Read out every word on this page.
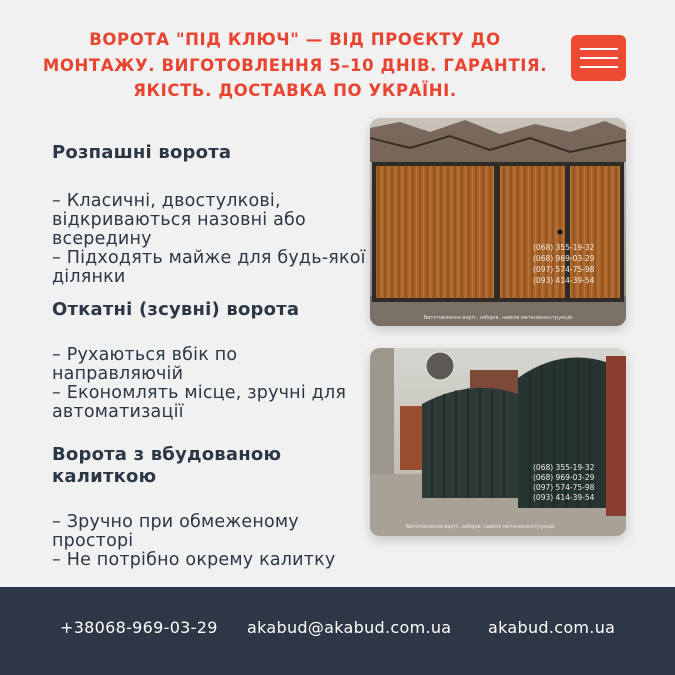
ВОРОТА "ПІД КЛЮЧ" — ВІД ПРОЄКТУ ДО МОНТАЖУ. ВИГОТОВЛЕННЯ 5–10 ДНІВ. ГАРАНТІЯ. ЯКІСТЬ. ДОСТАВКА ПО УКРАЇНІ.

Розпашні ворота

– Класичні, двостулкові, відкриваються назовні або всередину
– Підходять майже для будь-якої ділянки

Откатні (зсувні) ворота

– Рухаються вбік по направляючій
– Економлять місце, зручні для автоматизації

Ворота з вбудованою калиткою

– Зручно при обмеженому просторі
– Не потрібно окрему калитку

(068) 355-19-32
(068) 969-03-29
(097) 574-75-98
(093) 414-39-54
Виготовлення воріт, заборів, навісів металоконструкцій
(068) 355-19-32
(068) 969-03-29
(097) 574-75-98
(093) 414-39-54
Виготовлення воріт, заборів, навісів металоконструкцій
+38068-969-03-29 akabud@akabud.com.ua akabud.com.ua
